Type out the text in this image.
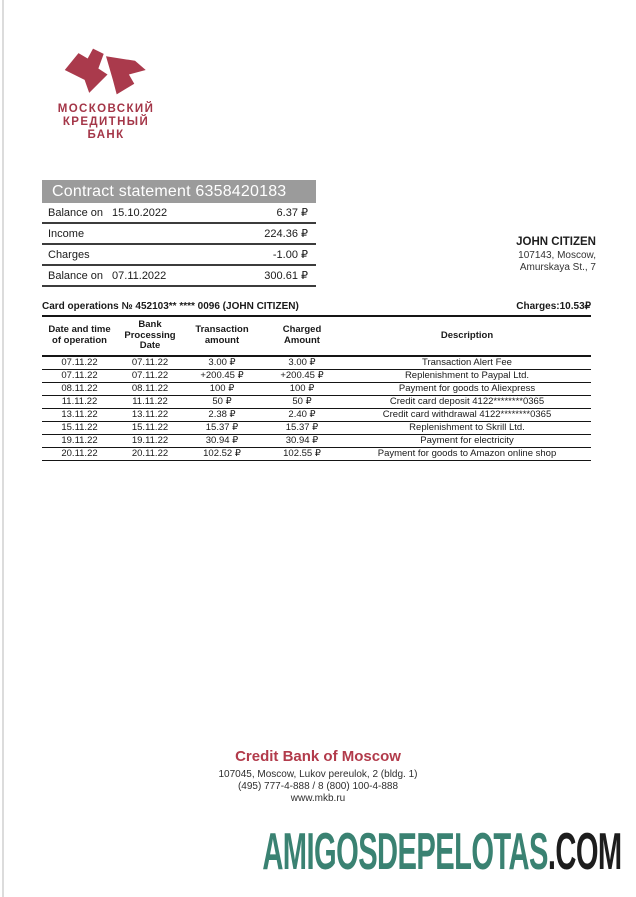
МОСКОВСКИЙ
КРЕДИТНЫЙ
БАНК
Contract statement 6358420183
Balance on 15.10.2022	6.37 ₽
Income	224.36 ₽
Charges	-1.00 ₽
Balance on 07.11.2022	300.61 ₽
JOHN CITIZEN
107143, Moscow,
Amurskaya St., 7
Card operations № 452103** **** 0096 (JOHN CITIZEN)	Charges:10.53₽
Date and time of operation	Bank Processing Date	Transaction amount	Charged Amount	Description
07.11.22	07.11.22	3.00 ₽	3.00 ₽	Transaction Alert Fee
07.11.22	07.11.22	+200.45 ₽	+200.45 ₽	Replenishment to Paypal Ltd.
08.11.22	08.11.22	100 ₽	100 ₽	Payment for goods to Aliexpress
11.11.22	11.11.22	50 ₽	50 ₽	Credit card deposit 4122********0365
13.11.22	13.11.22	2.38 ₽	2.40 ₽	Credit card withdrawal 4122********0365
15.11.22	15.11.22	15.37 ₽	15.37 ₽	Replenishment to Skrill Ltd.
19.11.22	19.11.22	30.94 ₽	30.94 ₽	Payment for electricity
20.11.22	20.11.22	102.52 ₽	102.55 ₽	Payment for goods to Amazon online shop
Credit Bank of Moscow
107045, Moscow, Lukov pereulok, 2 (bldg. 1)
(495) 777-4-888 / 8 (800) 100-4-888
www.mkb.ru
AMIGOSDEPELOTAS.COM
